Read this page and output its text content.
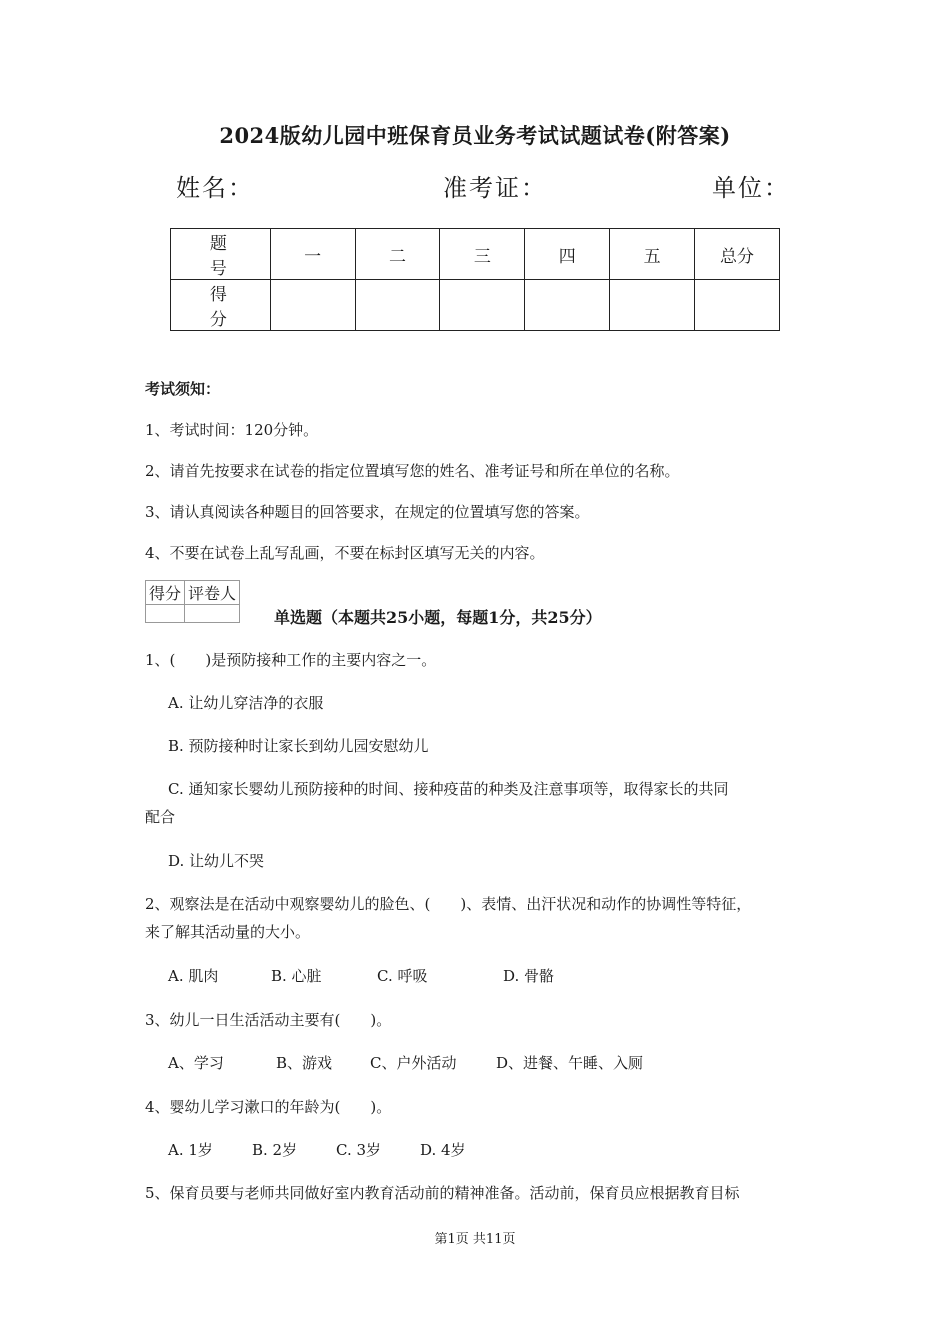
2024版幼儿园中班保育员业务考试试题试卷(附答案)
姓名：	准考证：	单位：
题 号	一	二	三	四	五	总分
得 分						
考试须知：
1、考试时间：120分钟。
2、请首先按要求在试卷的指定位置填写您的姓名、准考证号和所在单位的名称。
3、请认真阅读各种题目的回答要求，在规定的位置填写您的答案。
4、不要在试卷上乱写乱画，不要在标封区填写无关的内容。
得分	评卷人

单选题（本题共25小题，每题1分，共25分）
1、(　　)是预防接种工作的主要内容之一。
A. 让幼儿穿洁净的衣服
B. 预防接种时让家长到幼儿园安慰幼儿
C. 通知家长婴幼儿预防接种的时间、接种疫苗的种类及注意事项等，取得家长的共同
配合
D. 让幼儿不哭
2、观察法是在活动中观察婴幼儿的脸色、(　　)、表情、出汗状况和动作的协调性等特征，
来了解其活动量的大小。
A. 肌肉	B. 心脏	C. 呼吸	D. 骨骼
3、幼儿一日生活活动主要有(　　)。
A、学习	B、游戏	C、户外活动	D、进餐、午睡、入厕
4、婴幼儿学习漱口的年龄为(　　)。
A. 1岁	B. 2岁	C. 3岁	D. 4岁
5、保育员要与老师共同做好室内教育活动前的精神准备。活动前，保育员应根据教育目标
第1页 共11页
